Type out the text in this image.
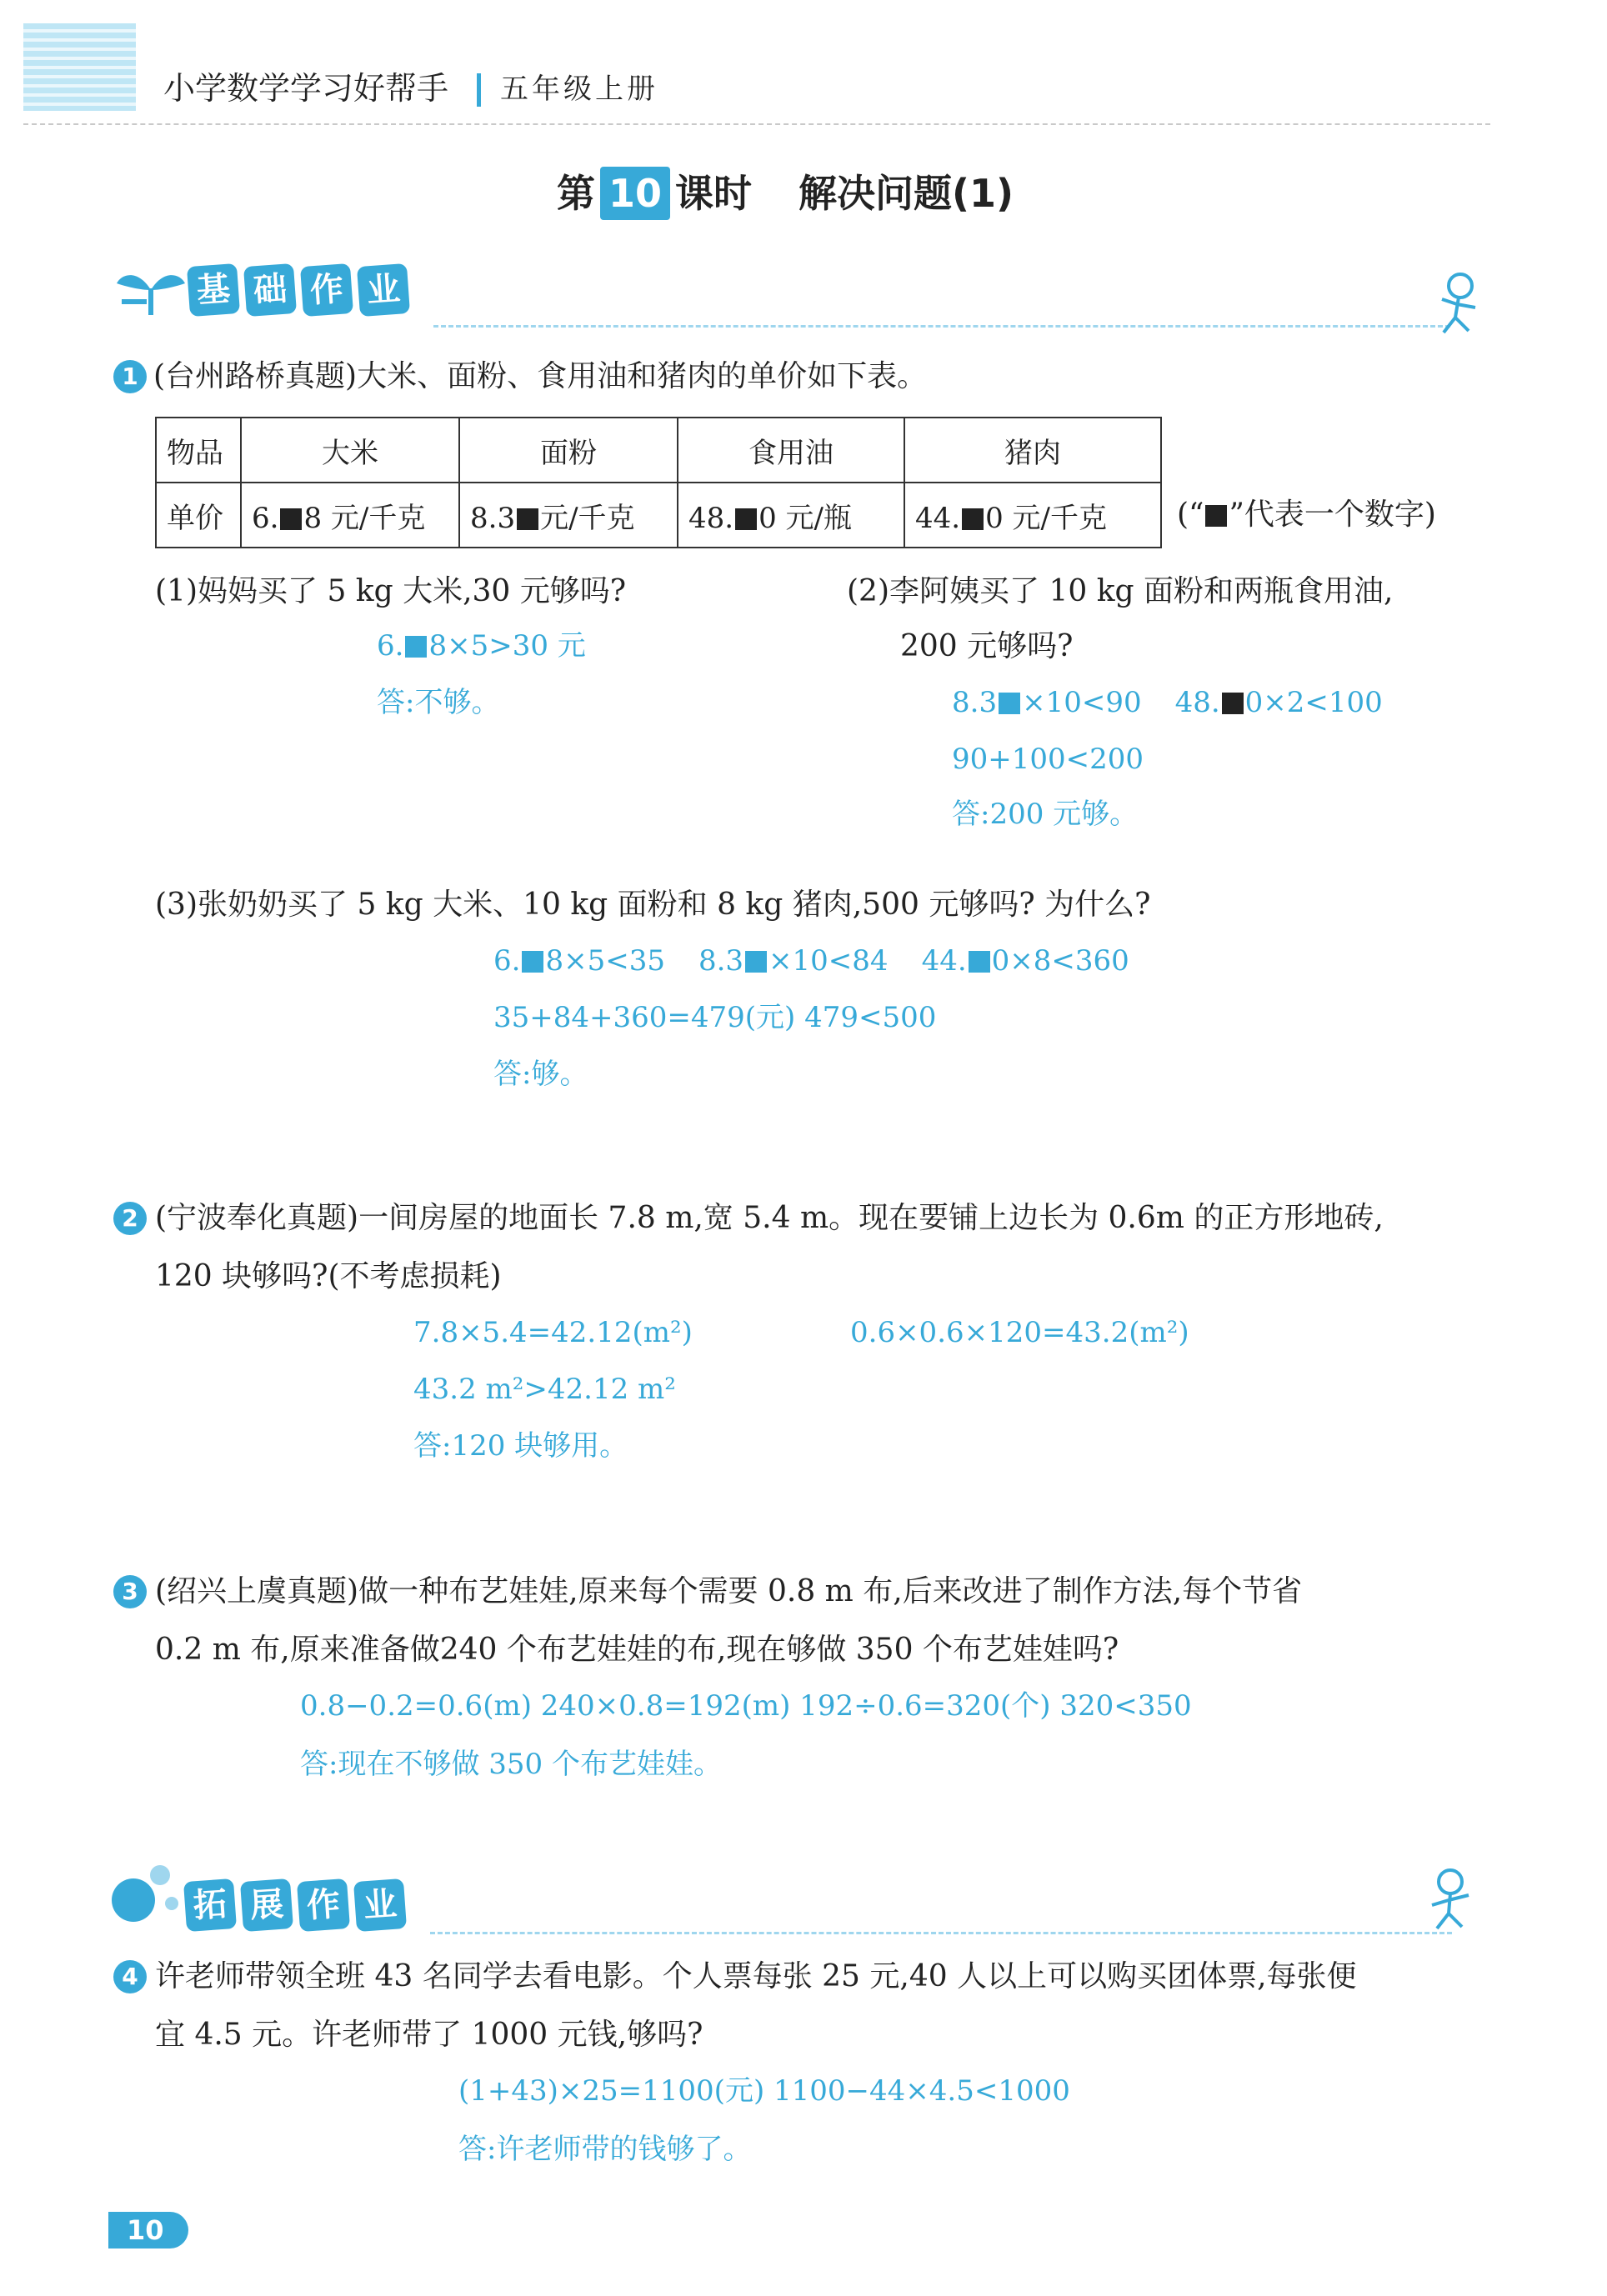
小学数学学习好帮手 五年级上册
第 10 课时 解决问题(1)
基 础 作 业
1 (台州路桥真题)大米、面粉、食用油和猪肉的单价如下表。
物品	大米	面粉	食用油	猪肉
单价	6. 8 元/千克	8.3 元/千克	48. 0 元/瓶	44. 0 元/千克 (“ ”代表一个数字)
(1)妈妈买了 5 kg 大米,30 元够吗?
6. 8×5>30 元
答:不够。
(2)李阿姨买了 10 kg 面粉和两瓶食用油,
200 元够吗?
8.3 ×10<90 48. 0×2<100
90+100<200
答:200 元够。
(3)张奶奶买了 5 kg 大米、10 kg 面粉和 8 kg 猪肉,500 元够吗? 为什么?
6. 8×5<35 8.3 ×10<84 44. 0×8<360
35+84+360=479(元) 479<500
答:够。
2 (宁波奉化真题)一间房屋的地面长 7.8 m,宽 5.4 m。现在要铺上边长为 0.6m 的正方形地砖,
120 块够吗?(不考虑损耗)
7.8×5.4=42.12(m²)	0.6×0.6×120=43.2(m²)
43.2 m²>42.12 m²
答:120 块够用。
3 (绍兴上虞真题)做一种布艺娃娃,原来每个需要 0.8 m 布,后来改进了制作方法,每个节省
0.2 m 布,原来准备做240 个布艺娃娃的布,现在够做 350 个布艺娃娃吗?
0.8−0.2=0.6(m) 240×0.8=192(m) 192÷0.6=320(个) 320<350
答:现在不够做 350 个布艺娃娃。
拓 展 作 业
4 许老师带领全班 43 名同学去看电影。个人票每张 25 元,40 人以上可以购买团体票,每张便
宜 4.5 元。许老师带了 1000 元钱,够吗?
(1+43)×25=1100(元) 1100−44×4.5<1000
答:许老师带的钱够了。
10
